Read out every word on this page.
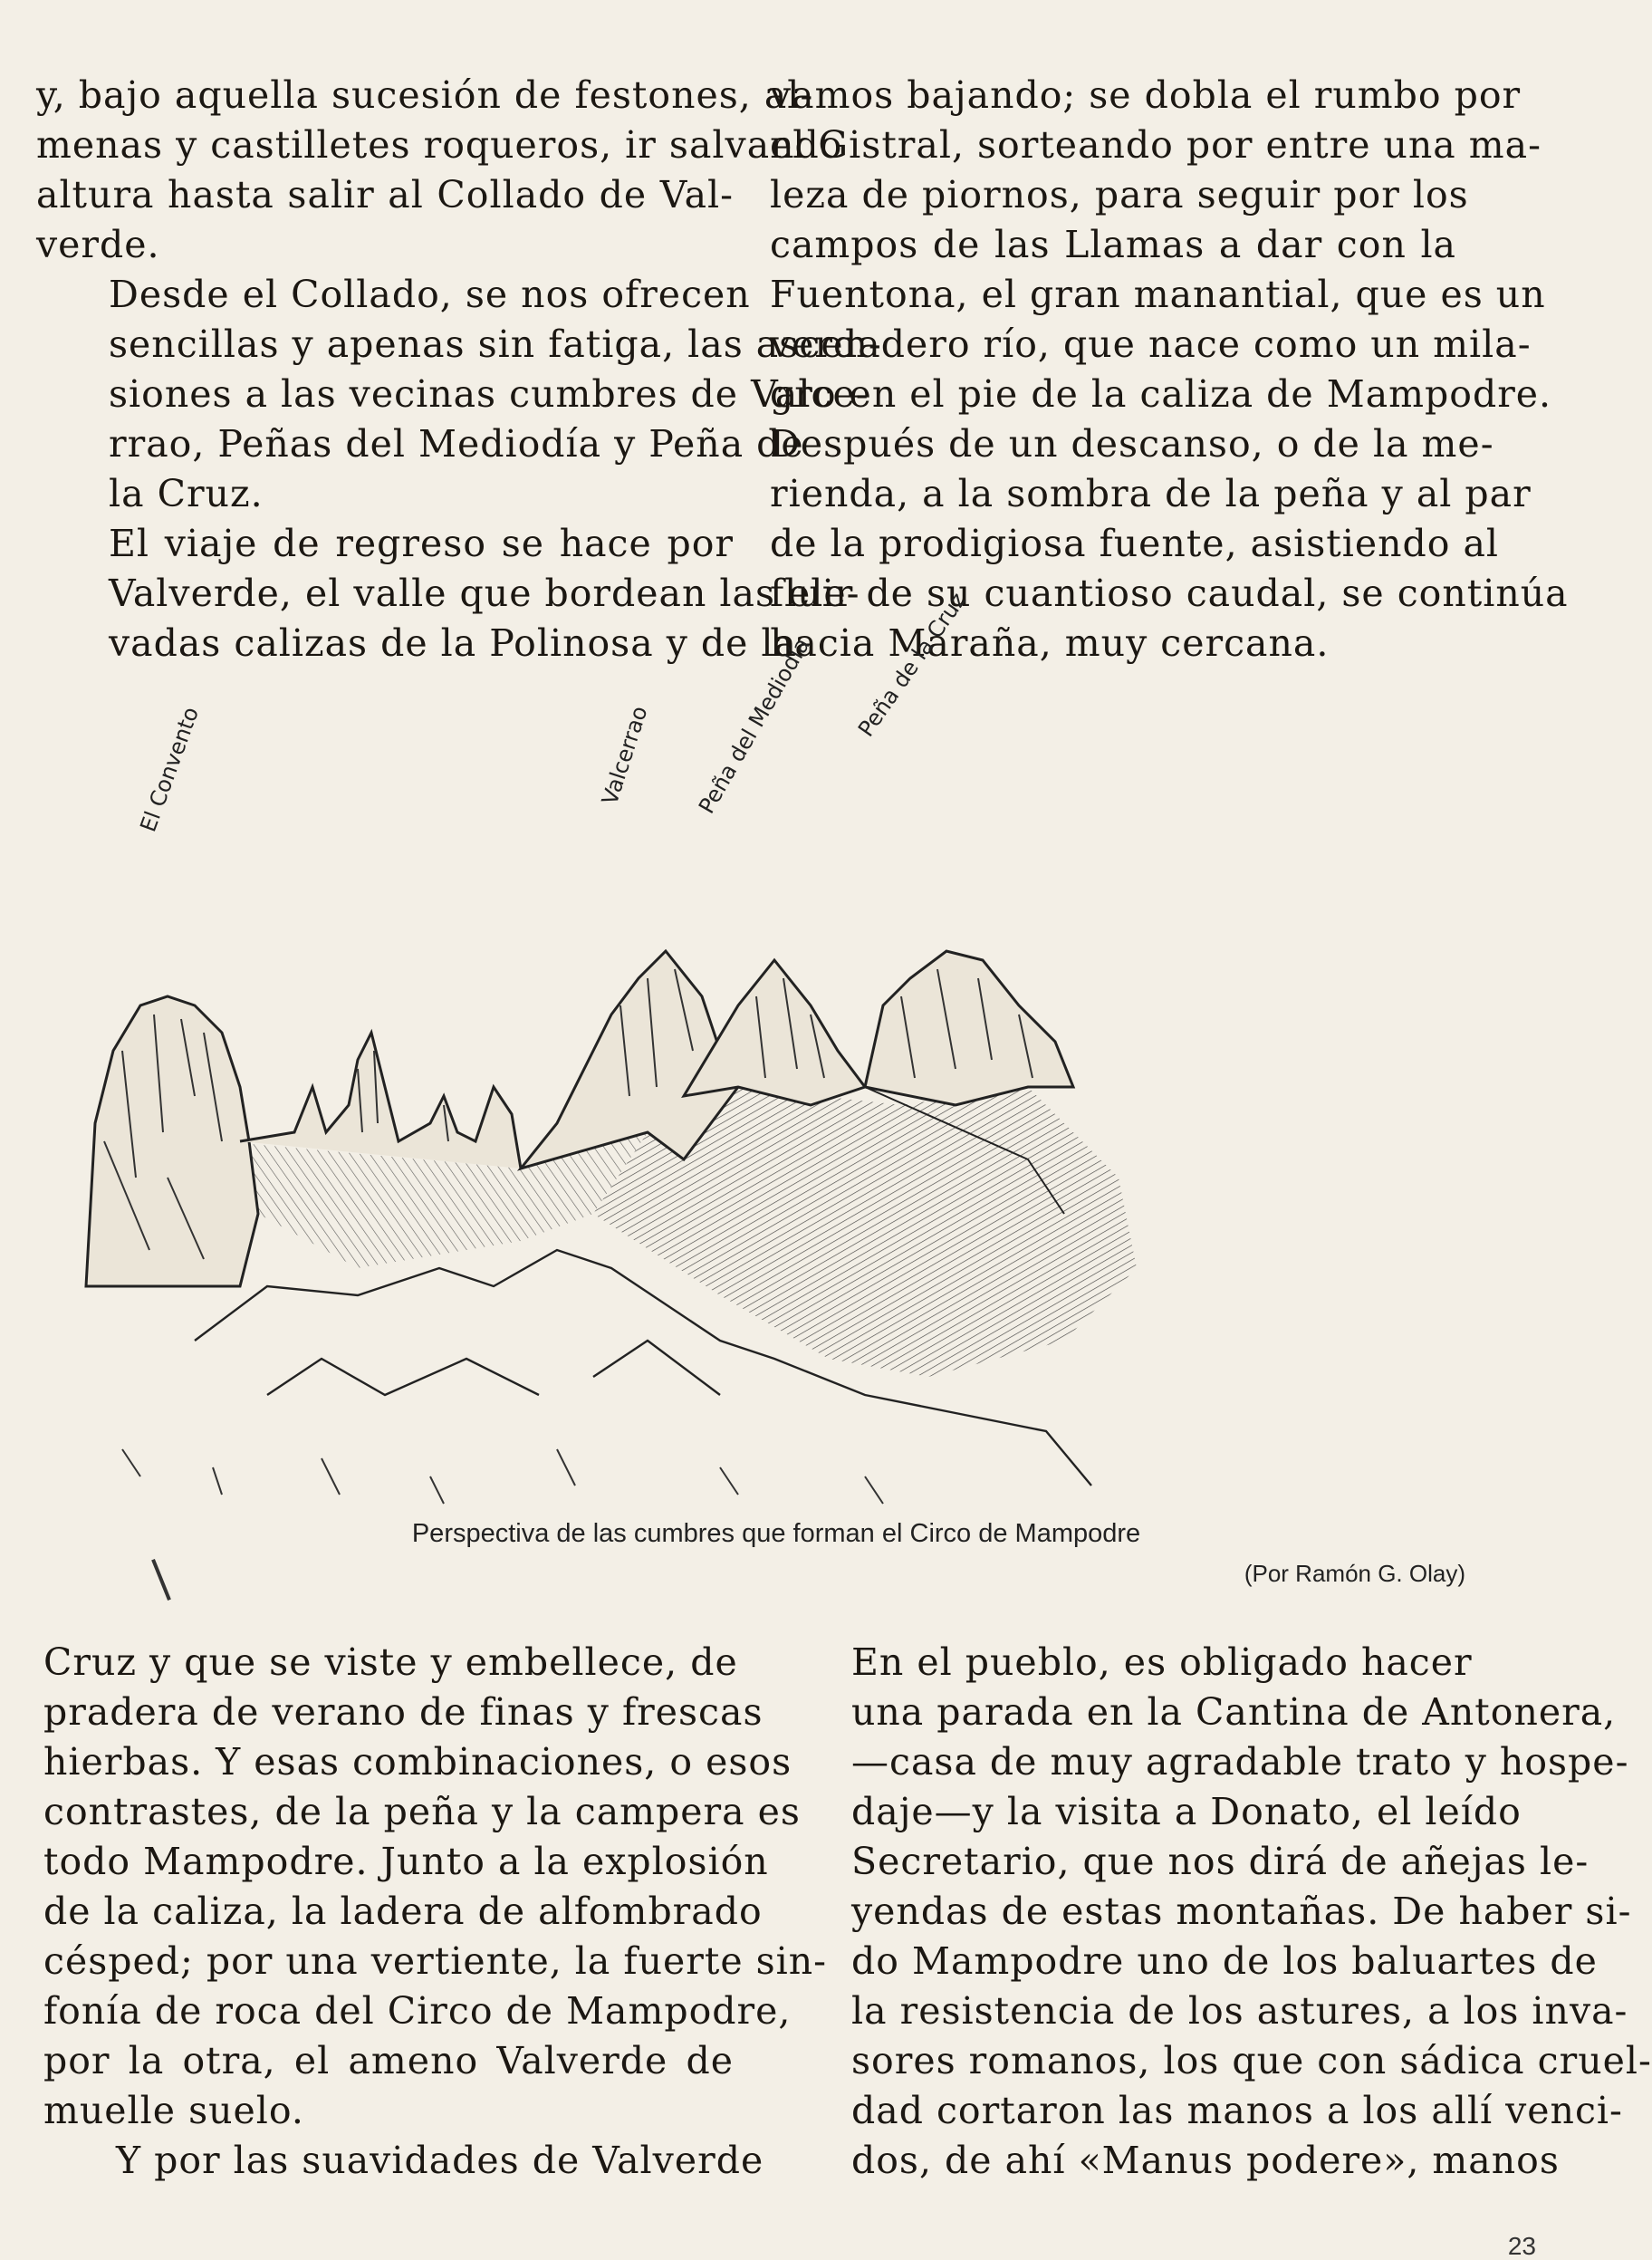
y, bajo aquella sucesión de festones, al-
menas y castilletes roqueros, ir salvando
altura hasta salir al Collado de Val-
verde.

Desde el Collado, se nos ofrecen
sencillas y apenas sin fatiga, las ascen-
siones a las vecinas cumbres de Valce-
rrao, Peñas del Mediodía y Peña de
la Cruz.

El viaje de regreso se hace por
Valverde, el valle que bordean las ele-
vadas calizas de la Polinosa y de la

vamos bajando; se dobla el rumbo por
el Gistral, sorteando por entre una ma-
leza de piornos, para seguir por los
campos de las Llamas a dar con la
Fuentona, el gran manantial, que es un
verdadero río, que nace como un mila-
gro en el pie de la caliza de Mampodre.
Después de un descanso, o de la me-
rienda, a la sombra de la peña y al par
de la prodigiosa fuente, asistiendo al
fluir de su cuantioso caudal, se continúa
hacia Maraña, muy cercana.

El Convento	Valcerrao Peña del Mediodía Peña de la Cruz
Perspectiva de las cumbres que forman el Circo de Mampodre
(Por Ramón G. Olay)

Cruz y que se viste y embellece, de
pradera de verano de finas y frescas
hierbas. Y esas combinaciones, o esos
contrastes, de la peña y la campera es
todo Mampodre. Junto a la explosión
de la caliza, la ladera de alfombrado
césped; por una vertiente, la fuerte sin-
fonía de roca del Circo de Mampodre,
por la otra, el ameno Valverde de
muelle suelo.

Y por las suavidades de Valverde

En el pueblo, es obligado hacer
una parada en la Cantina de Antonera,
—casa de muy agradable trato y hospe-
daje—y la visita a Donato, el leído
Secretario, que nos dirá de añejas le-
yendas de estas montañas. De haber si-
do Mampodre uno de los baluartes de
la resistencia de los astures, a los inva-
sores romanos, los que con sádica cruel-
dad cortaron las manos a los allí venci-
dos, de ahí «Manus podere», manos

23
